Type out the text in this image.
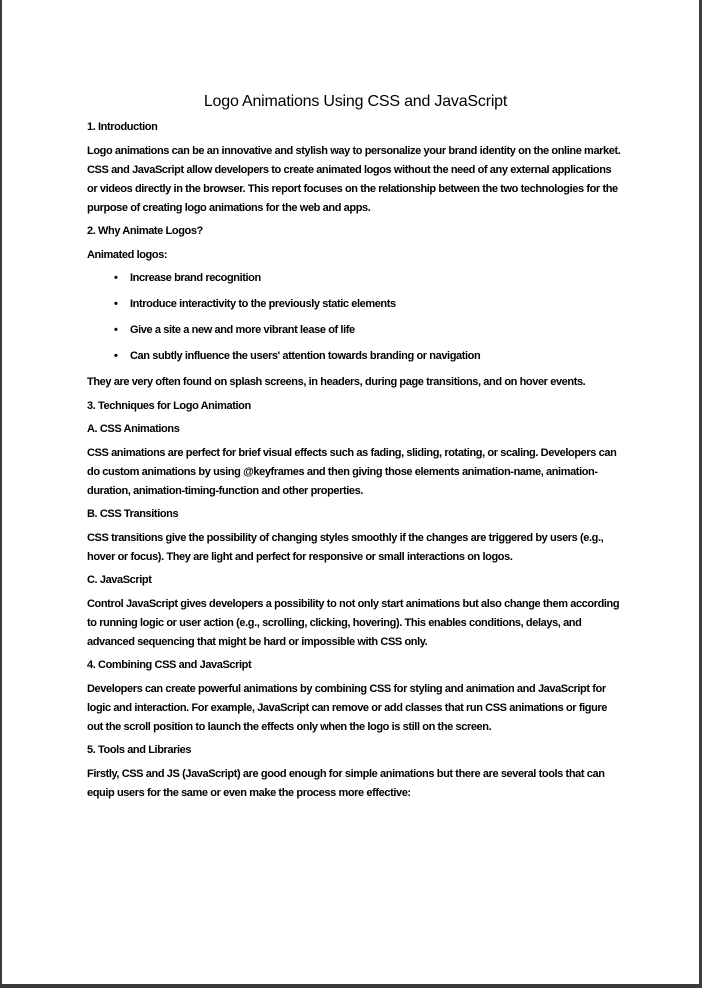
Logo Animations Using CSS and JavaScript
1. Introduction

Logo animations can be an innovative and stylish way to personalize your brand identity on the online market. CSS and JavaScript allow developers to create animated logos without the need of any external applications or videos directly in the browser. This report focuses on the relationship between the two technologies for the purpose of creating logo animations for the web and apps.

2. Why Animate Logos?

Animated logos:

• Increase brand recognition
• Introduce interactivity to the previously static elements
• Give a site a new and more vibrant lease of life
• Can subtly influence the users' attention towards branding or navigation

They are very often found on splash screens, in headers, during page transitions, and on hover events.

3. Techniques for Logo Animation
A. CSS Animations

CSS animations are perfect for brief visual effects such as fading, sliding, rotating, or scaling. Developers can do custom animations by using @keyframes and then giving those elements animation-name, animation-duration, animation-timing-function and other properties.

B. CSS Transitions

CSS transitions give the possibility of changing styles smoothly if the changes are triggered by users (e.g., hover or focus). They are light and perfect for responsive or small interactions on logos.

C. JavaScript

Control JavaScript gives developers a possibility to not only start animations but also change them according to running logic or user action (e.g., scrolling, clicking, hovering). This enables conditions, delays, and advanced sequencing that might be hard or impossible with CSS only.

4. Combining CSS and JavaScript

Developers can create powerful animations by combining CSS for styling and animation and JavaScript for logic and interaction. For example, JavaScript can remove or add classes that run CSS animations or figure out the scroll position to launch the effects only when the logo is still on the screen.

5. Tools and Libraries

Firstly, CSS and JS (JavaScript) are good enough for simple animations but there are several tools that can equip users for the same or even make the process more effective:
